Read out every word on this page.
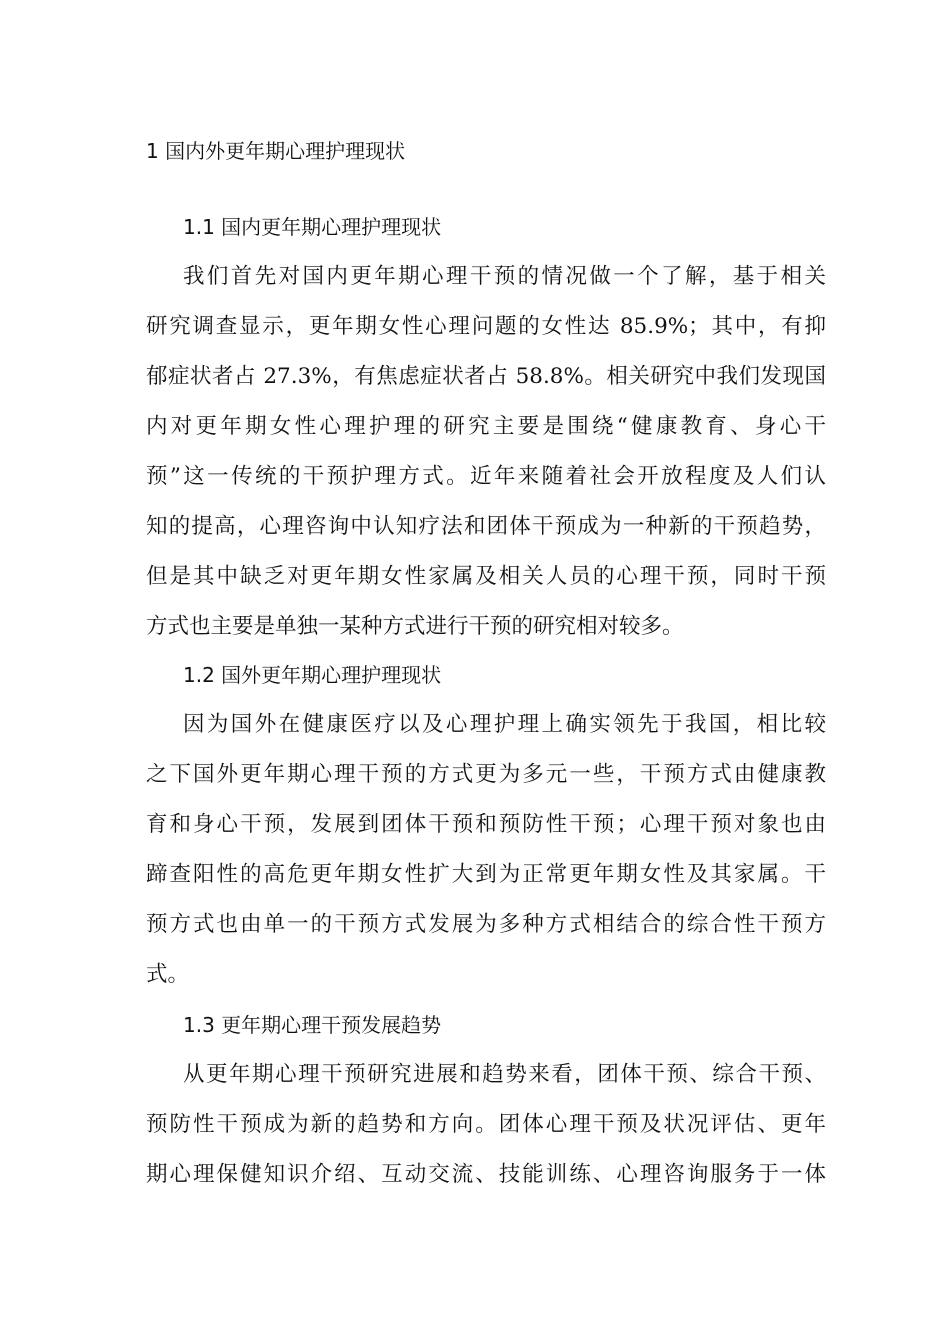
1 国内外更年期心理护理现状
1.1 国内更年期心理护理现状
我们首先对国内更年期心理干预的情况做一个了解，基于相关
研究调查显示，更年期女性心理问题的女性达 85.9%；其中，有抑
郁症状者占 27.3%，有焦虑症状者占 58.8%。相关研究中我们发现国
内对更年期女性心理护理的研究主要是围绕“健康教育、身心干
预”这一传统的干预护理方式。近年来随着社会开放程度及人们认
知的提高，心理咨询中认知疗法和团体干预成为一种新的干预趋势，
但是其中缺乏对更年期女性家属及相关人员的心理干预，同时干预
方式也主要是单独一某种方式进行干预的研究相对较多。
1.2 国外更年期心理护理现状
因为国外在健康医疗以及心理护理上确实领先于我国，相比较
之下国外更年期心理干预的方式更为多元一些，干预方式由健康教
育和身心干预，发展到团体干预和预防性干预；心理干预对象也由
蹄查阳性的高危更年期女性扩大到为正常更年期女性及其家属。干
预方式也由单一的干预方式发展为多种方式相结合的综合性干预方
式。
1.3 更年期心理干预发展趋势
从更年期心理干预研究进展和趋势来看，团体干预、综合干预、
预防性干预成为新的趋势和方向。团体心理干预及状况评估、更年
期心理保健知识介绍、互动交流、技能训练、心理咨询服务于一体
